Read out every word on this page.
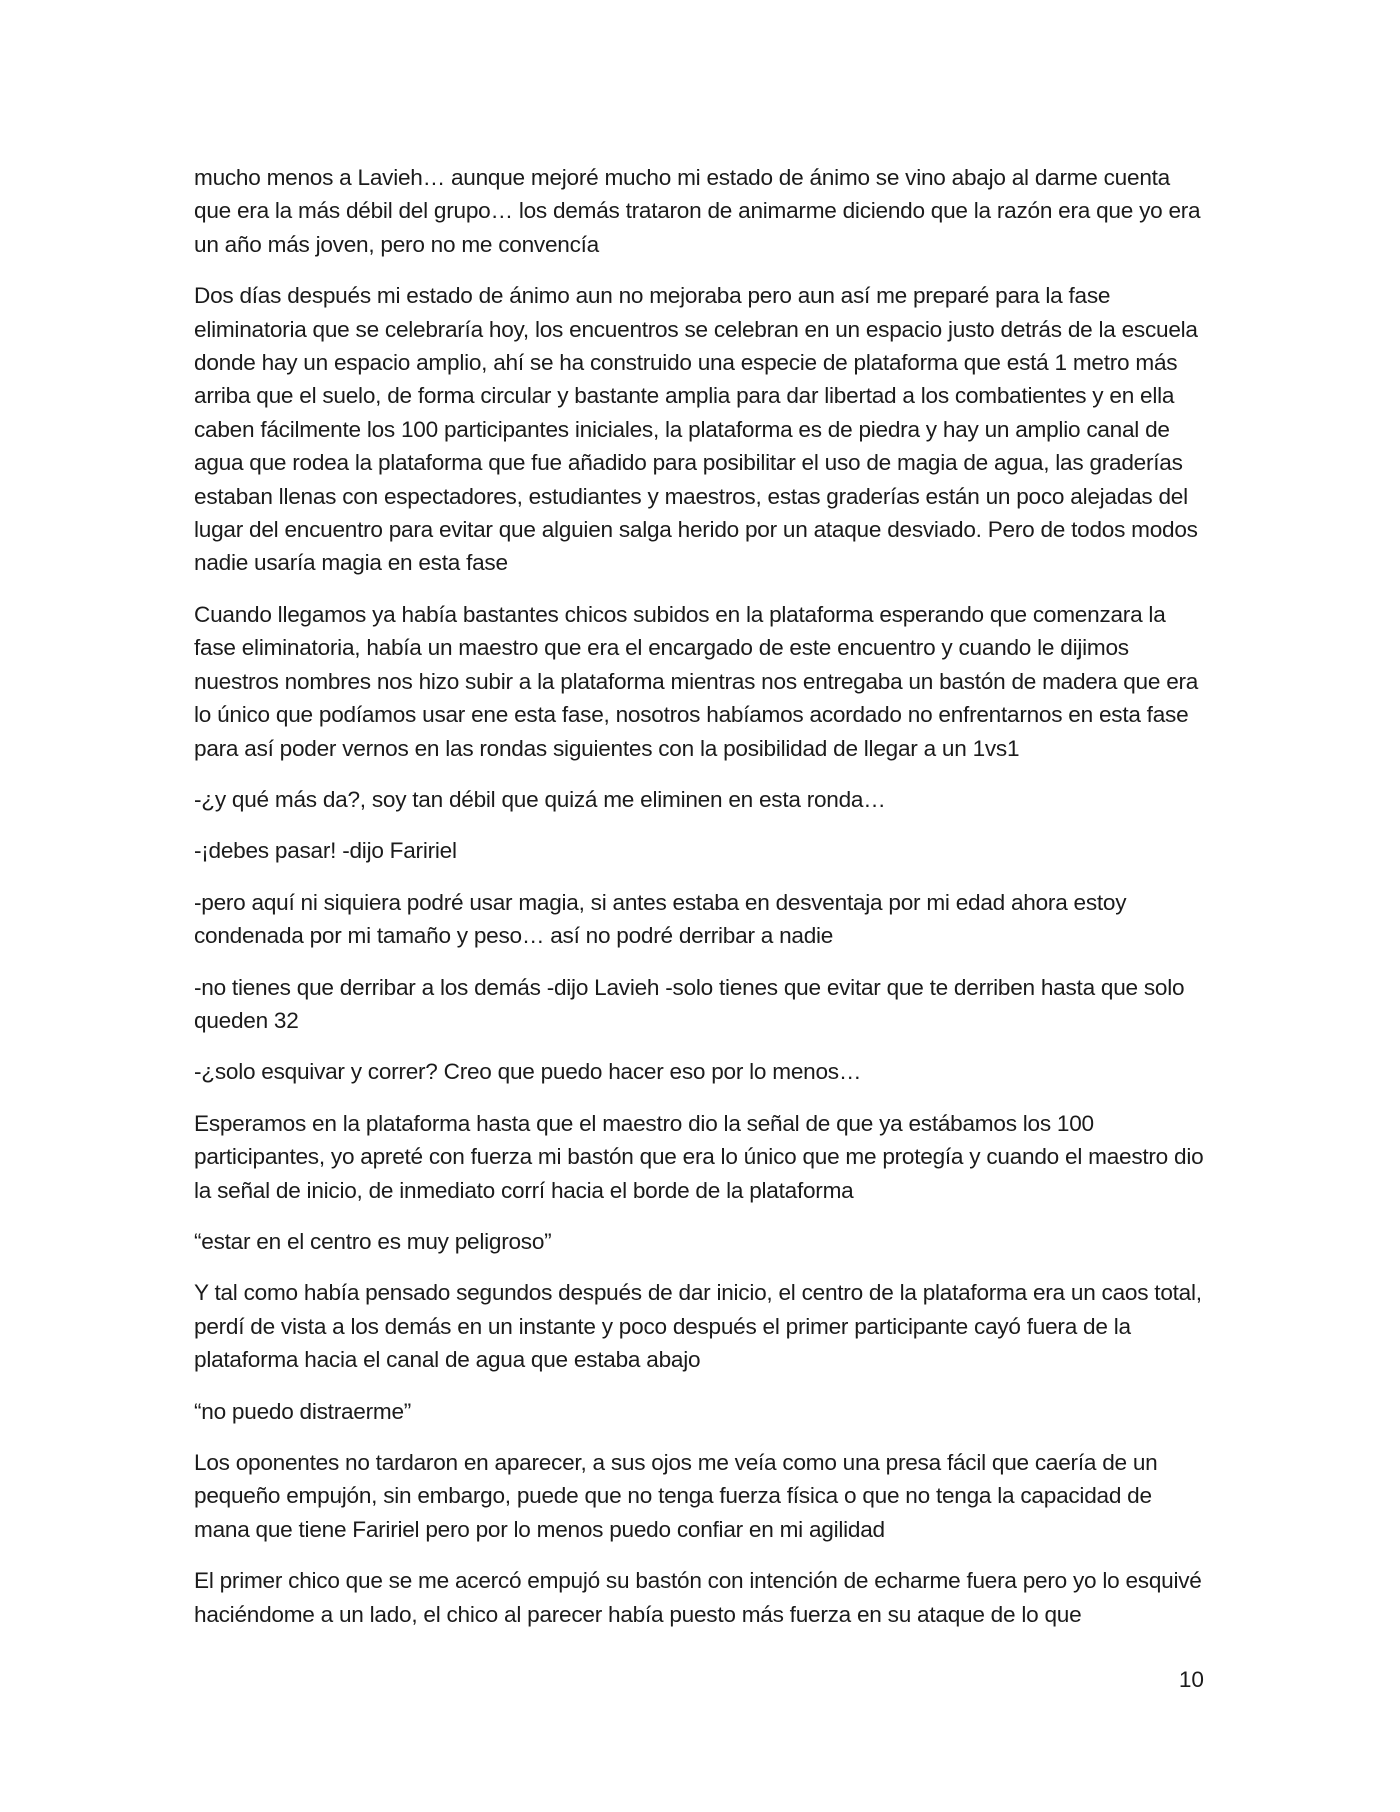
mucho menos a Lavieh… aunque mejoré mucho mi estado de ánimo se vino abajo al darme cuenta que era la más débil del grupo… los demás trataron de animarme diciendo que la razón era que yo era un año más joven, pero no me convencía

Dos días después mi estado de ánimo aun no mejoraba pero aun así me preparé para la fase eliminatoria que se celebraría hoy, los encuentros se celebran en un espacio justo detrás de la escuela donde hay un espacio amplio, ahí se ha construido una especie de plataforma que está 1 metro más arriba que el suelo, de forma circular y bastante amplia para dar libertad a los combatientes y en ella caben fácilmente los 100 participantes iniciales, la plataforma es de piedra y hay un amplio canal de agua que rodea la plataforma que fue añadido para posibilitar el uso de magia de agua, las graderías estaban llenas con espectadores, estudiantes y maestros, estas graderías están un poco alejadas del lugar del encuentro para evitar que alguien salga herido por un ataque desviado. Pero de todos modos nadie usaría magia en esta fase

Cuando llegamos ya había bastantes chicos subidos en la plataforma esperando que comenzara la fase eliminatoria, había un maestro que era el encargado de este encuentro y cuando le dijimos nuestros nombres nos hizo subir a la plataforma mientras nos entregaba un bastón de madera que era lo único que podíamos usar ene esta fase, nosotros habíamos acordado no enfrentarnos en esta fase para así poder vernos en las rondas siguientes con la posibilidad de llegar a un 1vs1

-¿y qué más da?, soy tan débil que quizá me eliminen en esta ronda…

-¡debes pasar! -dijo Faririel

-pero aquí ni siquiera podré usar magia, si antes estaba en desventaja por mi edad ahora estoy condenada por mi tamaño y peso… así no podré derribar a nadie

-no tienes que derribar a los demás -dijo Lavieh -solo tienes que evitar que te derriben hasta que solo queden 32

-¿solo esquivar y correr? Creo que puedo hacer eso por lo menos…

Esperamos en la plataforma hasta que el maestro dio la señal de que ya estábamos los 100 participantes, yo apreté con fuerza mi bastón que era lo único que me protegía y cuando el maestro dio la señal de inicio, de inmediato corrí hacia el borde de la plataforma

“estar en el centro es muy peligroso”

Y tal como había pensado segundos después de dar inicio, el centro de la plataforma era un caos total, perdí de vista a los demás en un instante y poco después el primer participante cayó fuera de la plataforma hacia el canal de agua que estaba abajo

“no puedo distraerme”

Los oponentes no tardaron en aparecer, a sus ojos me veía como una presa fácil que caería de un pequeño empujón, sin embargo, puede que no tenga fuerza física o que no tenga la capacidad de mana que tiene Faririel pero por lo menos puedo confiar en mi agilidad

El primer chico que se me acercó empujó su bastón con intención de echarme fuera pero yo lo esquivé haciéndome a un lado, el chico al parecer había puesto más fuerza en su ataque de lo que

10
